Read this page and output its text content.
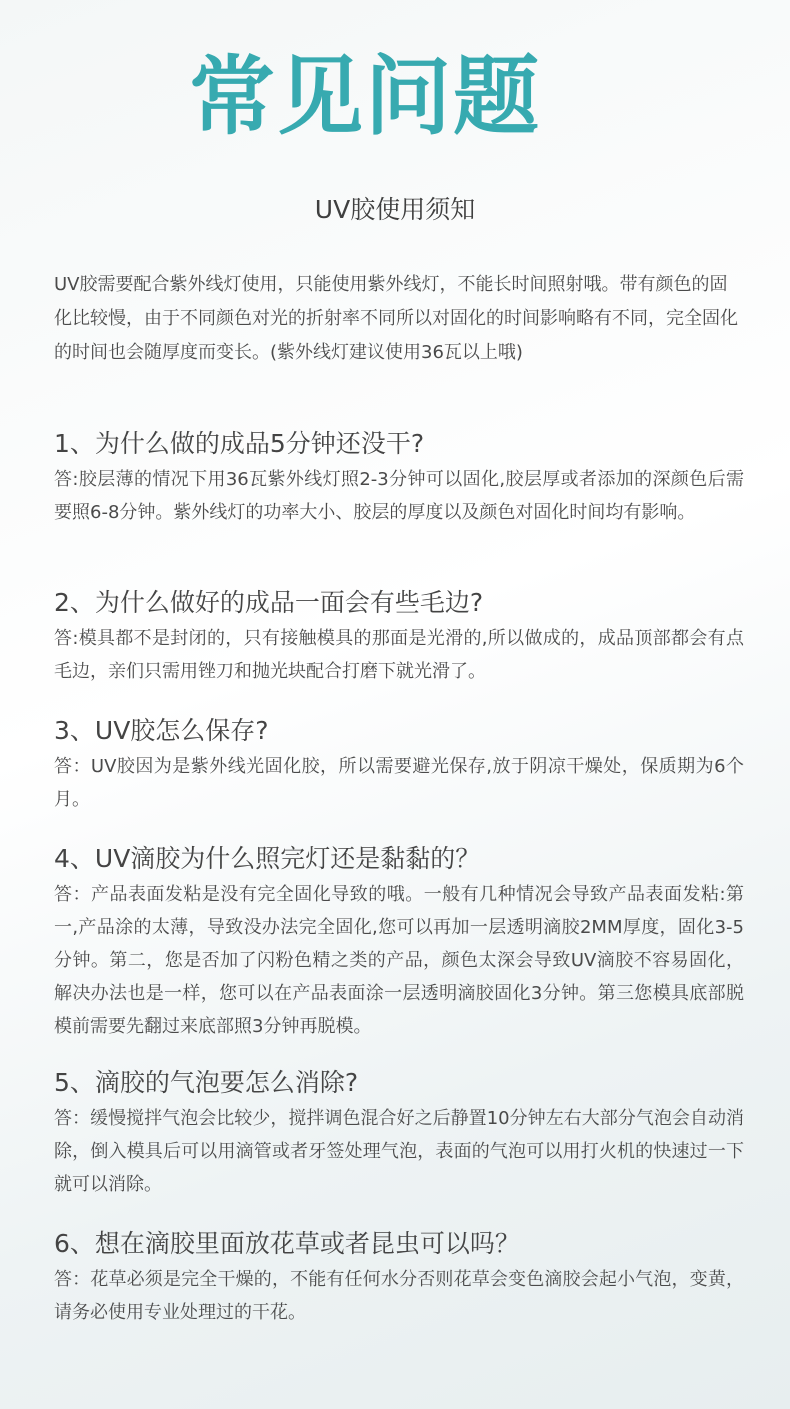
常见问题
UV胶使用须知
UV胶需要配合紫外线灯使用，只能使用紫外线灯，不能长时间照射哦。带有颜色的固化比较慢，由于不同颜色对光的折射率不同所以对固化的时间影响略有不同，完全固化的时间也会随厚度而变长。(紫外线灯建议使用36瓦以上哦)
1、为什么做的成品5分钟还没干?
答:胶层薄的情况下用36瓦紫外线灯照2-3分钟可以固化,胶层厚或者添加的深颜色后需要照6-8分钟。紫外线灯的功率大小、胶层的厚度以及颜色对固化时间均有影响。
2、为什么做好的成品一面会有些毛边?
答:模具都不是封闭的，只有接触模具的那面是光滑的,所以做成的，成品顶部都会有点毛边，亲们只需用锉刀和抛光块配合打磨下就光滑了。
3、UV胶怎么保存?
答：UV胶因为是紫外线光固化胶，所以需要避光保存,放于阴凉干燥处，保质期为6个月。
4、UV滴胶为什么照完灯还是黏黏的？
答：产品表面发粘是没有完全固化导致的哦。一般有几种情况会导致产品表面发粘:第一,产品涂的太薄，导致没办法完全固化,您可以再加一层透明滴胶2MM厚度，固化3-5分钟。第二，您是否加了闪粉色精之类的产品，颜色太深会导致UV滴胶不容易固化，解决办法也是一样，您可以在产品表面涂一层透明滴胶固化3分钟。第三您模具底部脱模前需要先翻过来底部照3分钟再脱模。
5、滴胶的气泡要怎么消除?
答：缓慢搅拌气泡会比较少，搅拌调色混合好之后静置10分钟左右大部分气泡会自动消除，倒入模具后可以用滴管或者牙签处理气泡，表面的气泡可以用打火机的快速过一下就可以消除。
6、想在滴胶里面放花草或者昆虫可以吗？
答：花草必须是完全干燥的，不能有任何水分否则花草会变色滴胶会起小气泡，变黄，请务必使用专业处理过的干花。
